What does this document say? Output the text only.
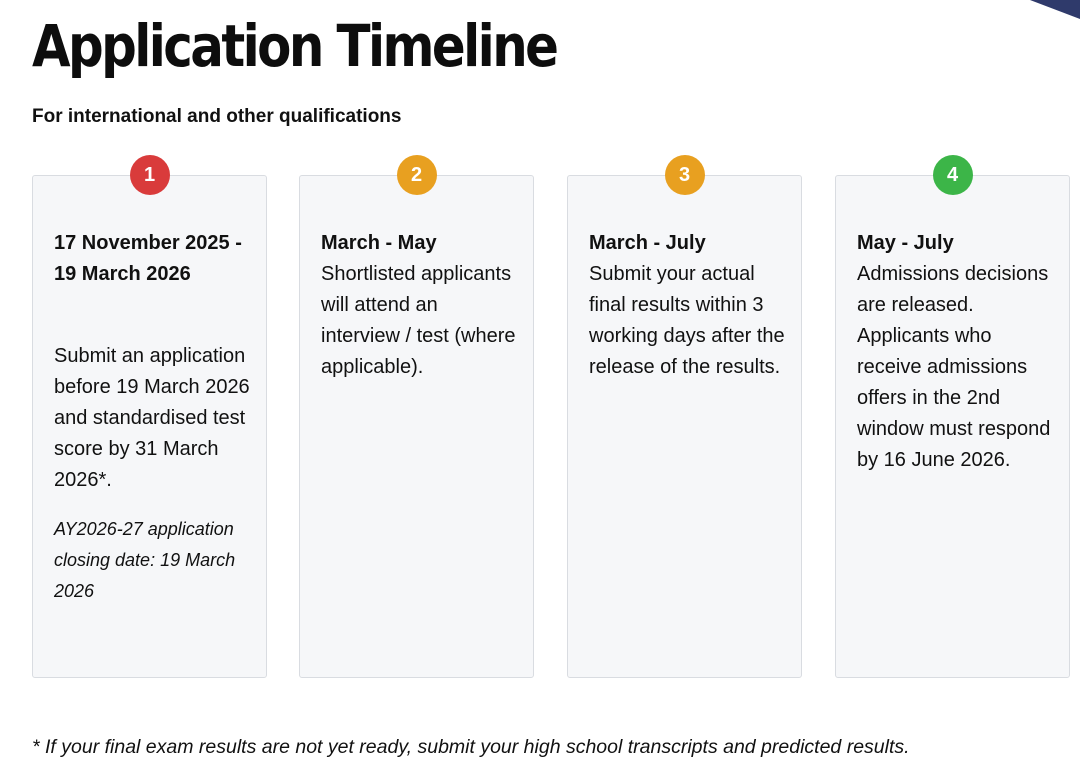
Application Timeline

For international and other qualifications

1
17 November 2025 - 19 March 2026
Submit an application before 19 March 2026 and standardised test score by 31 March 2026*.
AY2026-27 application closing date: 19 March 2026
2
March - May
Shortlisted applicants will attend an interview / test (where applicable).
3
March - July
Submit your actual final results within 3 working days after the release of the results.
4
May - July
Admissions decisions are released. Applicants who receive admissions offers in the 2nd window must respond by 16 June 2026.

* If your final exam results are not yet ready, submit your high school transcripts and predicted results.
